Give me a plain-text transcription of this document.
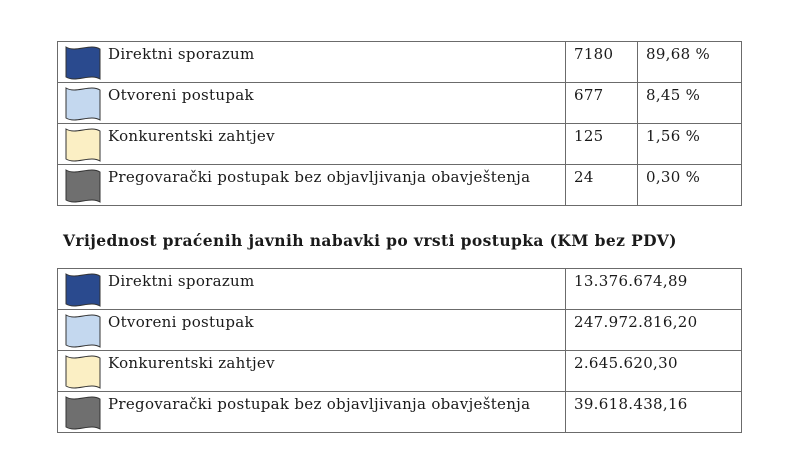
Direktni sporazum	7180	89,68 %

Otvoreni postupak	677	8,45 %

Konkurentski zahtjev	125	1,56 %

Pregovarački postupak bez objavljivanja obavještenja	24	0,30 %
Vrijednost praćenih javnih nabavki po vrsti postupka (KM bez PDV)
Direktni sporazum	13.376.674,89

Otvoreni postupak	247.972.816,20

Konkurentski zahtjev	2.645.620,30

Pregovarački postupak bez objavljivanja obavještenja	39.618.438,16
